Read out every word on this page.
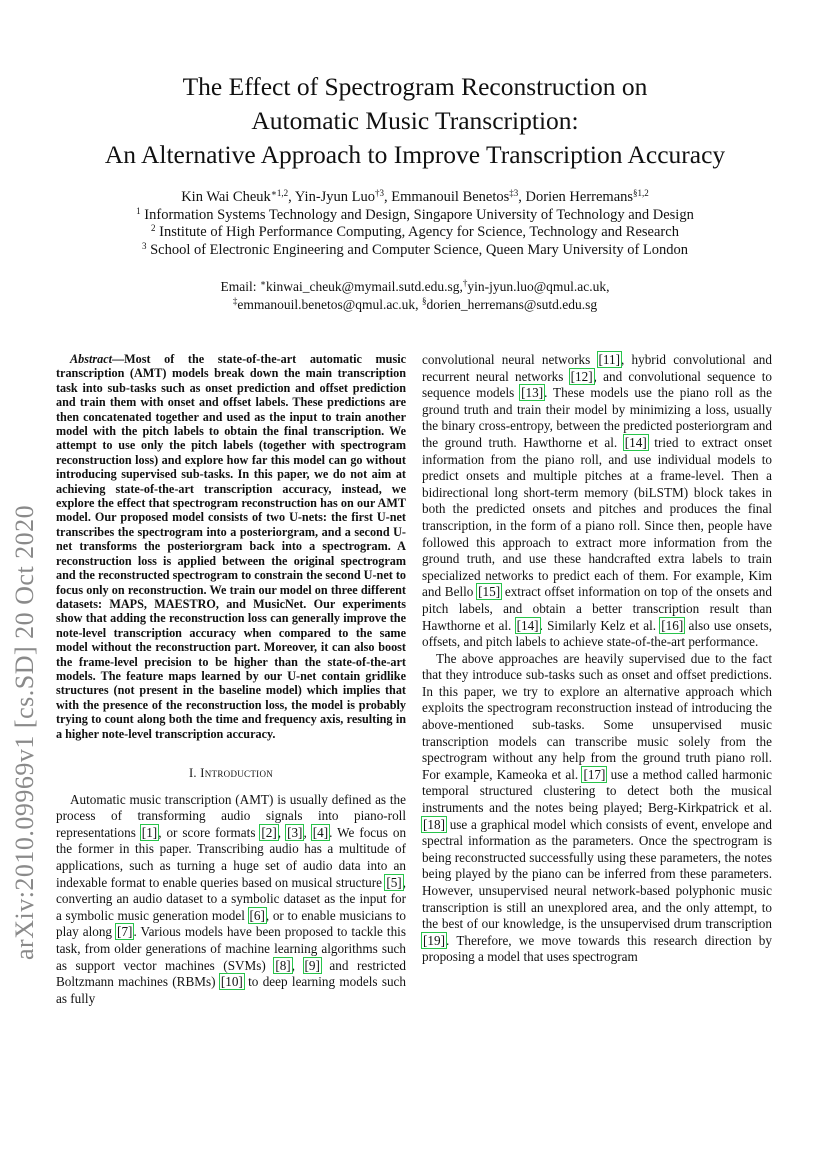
arXiv:2010.09969v1 [cs.SD] 20 Oct 2020
The Effect of Spectrogram Reconstruction on
Automatic Music Transcription:
An Alternative Approach to Improve Transcription Accuracy
Kin Wai Cheuk$^{∗1,2}$, Yin-Jyun Luo$^{\dagger 3}$, Emmanouil Benetos$^{\ddagger 3}$, Dorien Herremans$^{\S 1,2}$
$^1$ Information Systems Technology and Design, Singapore University of Technology and Design
$^2$ Institute of High Performance Computing, Agency for Science, Technology and Research
$^3$ School of Electronic Engineering and Computer Science, Queen Mary University of London
Email: ∗kinwai_cheuk@mymail.sutd.edu.sg,†yin-jyun.luo@qmul.ac.uk,
‡emmanouil.benetos@qmul.ac.uk, §dorien_herremans@sutd.edu.sg

Abstract—Most of the state-of-the-art automatic music transcription (AMT) models break down the main transcription task into sub-tasks such as onset prediction and offset prediction and train them with onset and offset labels. These predictions are then concatenated together and used as the input to train another model with the pitch labels to obtain the final transcription. We attempt to use only the pitch labels (together with spectrogram reconstruction loss) and explore how far this model can go without introducing supervised sub-tasks. In this paper, we do not aim at achieving state-of-the-art transcription accuracy, instead, we explore the effect that spectrogram reconstruction has on our AMT model. Our proposed model consists of two U-nets: the first U-net transcribes the spectrogram into a posteriorgram, and a second U-net transforms the posteriorgram back into a spectrogram. A reconstruction loss is applied between the original spectrogram and the reconstructed spectrogram to constrain the second U-net to focus only on reconstruction. We train our model on three different datasets: MAPS, MAESTRO, and MusicNet. Our experiments show that adding the reconstruction loss can generally improve the note-level transcription accuracy when compared to the same model without the reconstruction part. Moreover, it can also boost the frame-level precision to be higher than the state-of-the-art models. The feature maps learned by our U-net contain gridlike structures (not present in the baseline model) which implies that with the presence of the reconstruction loss, the model is probably trying to count along both the time and frequency axis, resulting in a higher note-level transcription accuracy.

I. Introduction

Automatic music transcription (AMT) is usually defined as the process of transforming audio signals into piano-roll representations [1], or score formats [2], [3], [4]. We focus on the former in this paper. Transcribing audio has a multitude of applications, such as turning a huge set of audio data into an indexable format to enable queries based on musical structure [5], converting an audio dataset to a symbolic dataset as the input for a symbolic music generation model [6], or to enable musicians to play along [7]. Various models have been proposed to tackle this task, from older generations of machine learning algorithms such as support vector machines (SVMs) [8], [9] and restricted Boltzmann machines (RBMs) [10] to deep learning models such as fully

convolutional neural networks [11], hybrid convolutional and recurrent neural networks [12], and convolutional sequence to sequence models [13]. These models use the piano roll as the ground truth and train their model by minimizing a loss, usually the binary cross-entropy, between the predicted posteriorgram and the ground truth. Hawthorne et al. [14] tried to extract onset information from the piano roll, and use individual models to predict onsets and multiple pitches at a frame-level. Then a bidirectional long short-term memory (biLSTM) block takes in both the predicted onsets and pitches and produces the final transcription, in the form of a piano roll. Since then, people have followed this approach to extract more information from the ground truth, and use these handcrafted extra labels to train specialized networks to predict each of them. For example, Kim and Bello [15] extract offset information on top of the onsets and pitch labels, and obtain a better transcription result than Hawthorne et al. [14]. Similarly Kelz et al. [16] also use onsets, offsets, and pitch labels to achieve state-of-the-art performance.

The above approaches are heavily supervised due to the fact that they introduce sub-tasks such as onset and offset predictions. In this paper, we try to explore an alternative approach which exploits the spectrogram reconstruction instead of introducing the above-mentioned sub-tasks. Some unsupervised music transcription models can transcribe music solely from the spectrogram without any help from the ground truth piano roll. For example, Kameoka et al. [17] use a method called harmonic temporal structured clustering to detect both the musical instruments and the notes being played; Berg-Kirkpatrick et al. [18] use a graphical model which consists of event, envelope and spectral information as the parameters. Once the spectrogram is being reconstructed successfully using these parameters, the notes being played by the piano can be inferred from these parameters. However, unsupervised neural network-based polyphonic music transcription is still an unexplored area, and the only attempt, to the best of our knowledge, is the unsupervised drum transcription [19]. Therefore, we move towards this research direction by proposing a model that uses spectrogram
